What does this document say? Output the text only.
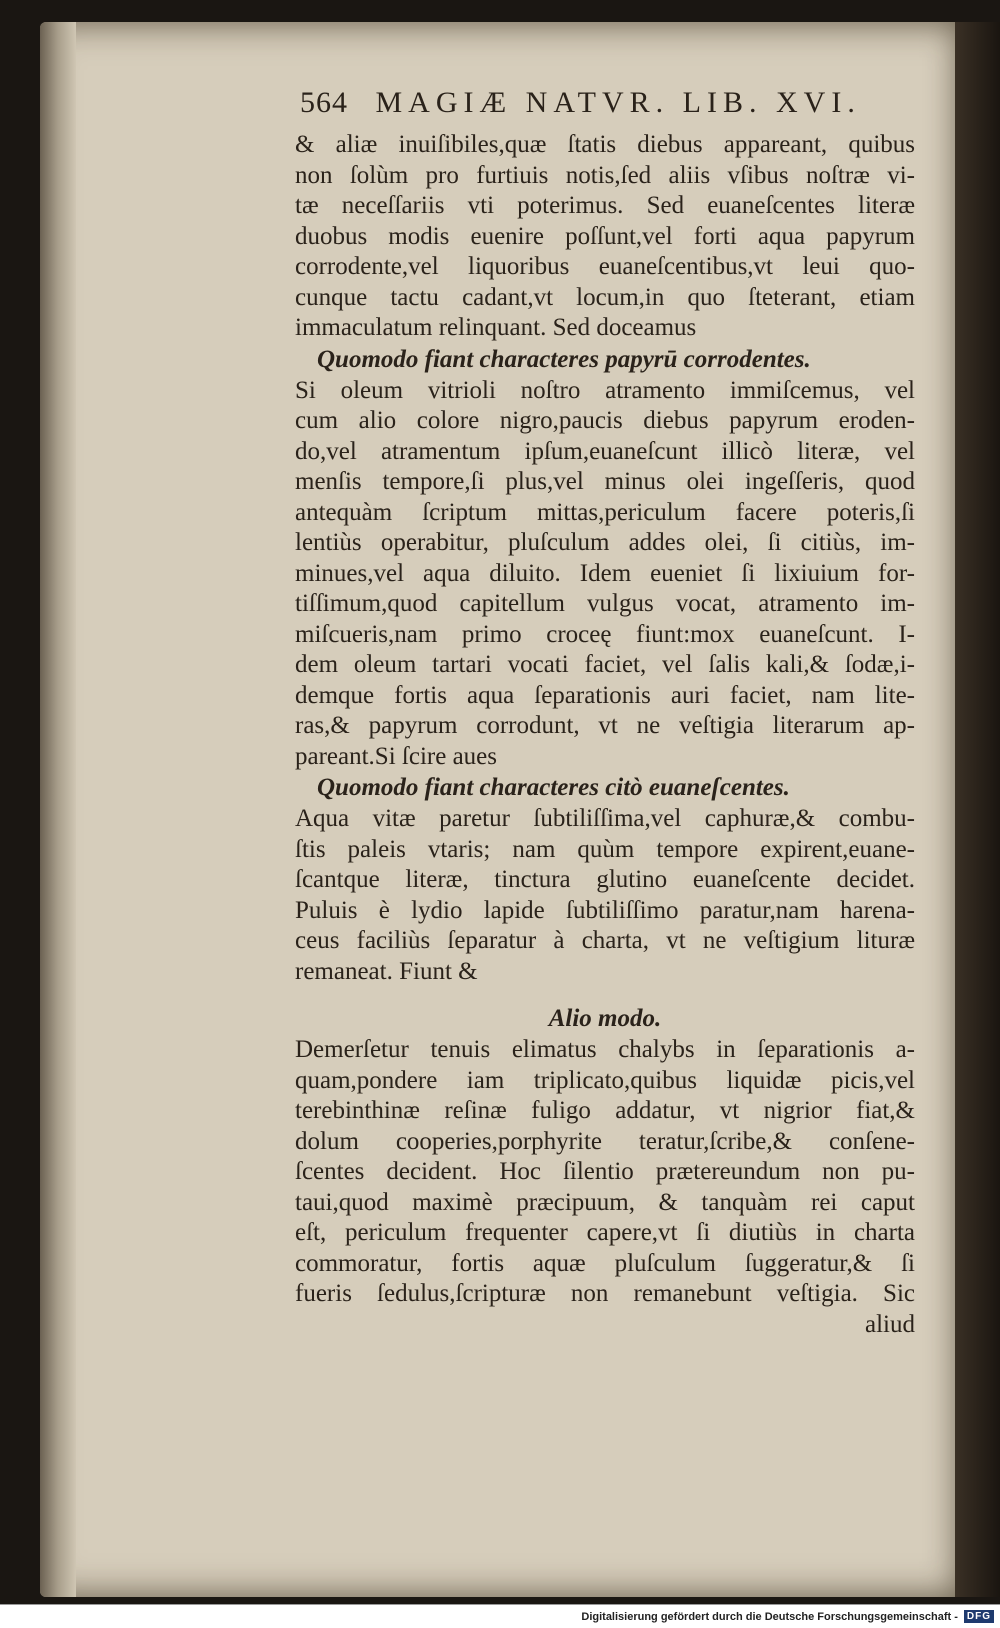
564 MAGIÆ NATVR. LIB. XVI.
& aliæ inuiſibiles,quæ ſtatis diebus appareant, quibus
non ſolùm pro furtiuis notis,ſed aliis vſibus noſtræ vi-
tæ neceſſariis vti poterimus. Sed euaneſcentes literæ
duobus modis euenire poſſunt,vel forti aqua papyrum
corrodente,vel liquoribus euaneſcentibus,vt leui quo-
cunque tactu cadant,vt locum,in quo ſteterant, etiam
immaculatum relinquant. Sed doceamus
Quomodo fiant characteres papyrū corrodentes.
Si oleum vitrioli noſtro atramento immiſcemus, vel
cum alio colore nigro,paucis diebus papyrum eroden-
do,vel atramentum ipſum,euaneſcunt illicò literæ, vel
menſis tempore,ſi plus,vel minus olei ingeſſeris, quod
antequàm ſcriptum mittas,periculum facere poteris,ſi
lentiùs operabitur, pluſculum addes olei, ſi citiùs, im-
minues,vel aqua diluito. Idem eueniet ſi lixiuium for-
tiſſimum,quod capitellum vulgus vocat, atramento im-
miſcueris,nam primo croceę fiunt:mox euaneſcunt. I-
dem oleum tartari vocati faciet, vel ſalis kali,& ſodæ,i-
demque fortis aqua ſeparationis auri faciet, nam lite-
ras,& papyrum corrodunt, vt ne veſtigia literarum ap-
pareant.Si ſcire aues
Quomodo fiant characteres citò euaneſcentes.
Aqua vitæ paretur ſubtiliſſima,vel caphuræ,& combu-
ſtis paleis vtaris; nam quùm tempore expirent,euane-
ſcantque literæ, tinctura glutino euaneſcente decidet.
Puluis è lydio lapide ſubtiliſſimo paratur,nam harena-
ceus faciliùs ſeparatur à charta, vt ne veſtigium lituræ
remaneat. Fiunt &
Alio modo.
Demerſetur tenuis elimatus chalybs in ſeparationis a-
quam,pondere iam triplicato,quibus liquidæ picis,vel
terebinthinæ reſinæ fuligo addatur, vt nigrior fiat,&
dolum cooperies,porphyrite teratur,ſcribe,& conſene-
ſcentes decident. Hoc ſilentio prætereundum non pu-
taui,quod maximè præcipuum, & tanquàm rei caput
eſt, periculum frequenter capere,vt ſi diutiùs in charta
commoratur, fortis aquæ pluſculum ſuggeratur,& ſi
fueris ſedulus,ſcripturæ non remanebunt veſtigia. Sic
aliud
Digitalisierung gefördert durch die Deutsche Forschungsgemeinschaft - DFG
